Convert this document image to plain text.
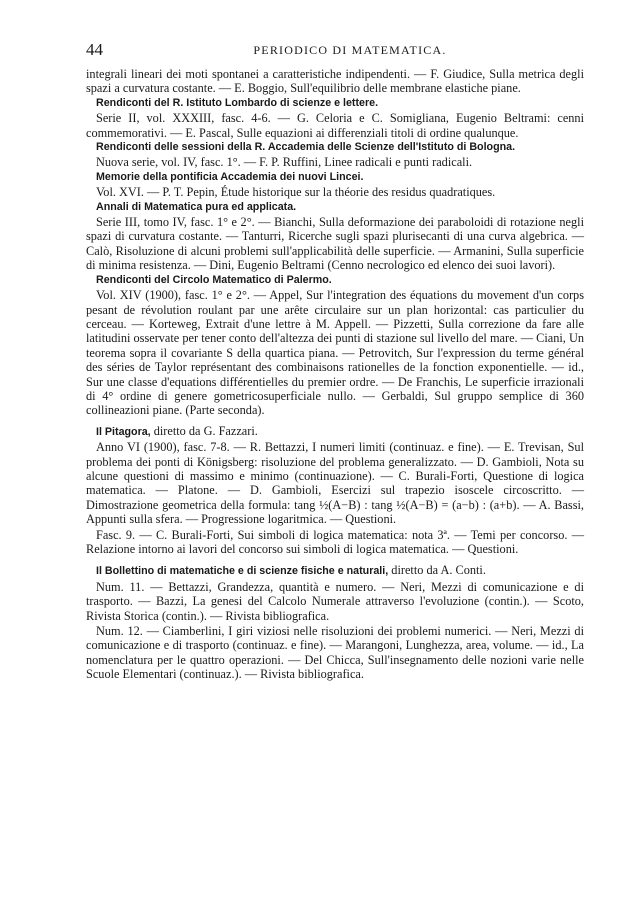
44	PERIODICO DI MATEMATICA.

integrali lineari dei moti spontanei a caratteristiche indipendenti. — F. Giudice, Sulla metrica degli spazi a curvatura costante. — E. Boggio, Sull'equilibrio delle membrane elastiche piane.

Rendiconti del R. Istituto Lombardo di scienze e lettere.

Serie II, vol. XXXIII, fasc. 4-6. — G. Celoria e C. Somigliana, Eugenio Beltrami: cenni commemorativi. — E. Pascal, Sulle equazioni ai differenziali titoli di ordine qualunque.

Rendiconti delle sessioni della R. Accademia delle Scienze dell'Istituto di Bologna.

Nuova serie, vol. IV, fasc. 1°. — F. P. Ruffini, Linee radicali e punti radicali.

Memorie della pontificia Accademia dei nuovi Lincei.

Vol. XVI. — P. T. Pepin, Étude historique sur la théorie des residus quadratiques.

Annali di Matematica pura ed applicata.

Serie III, tomo IV, fasc. 1° e 2°. — Bianchi, Sulla deformazione dei paraboloidi di rotazione negli spazi di curvatura costante. — Tanturri, Ricerche sugli spazi plurisecanti di una curva algebrica. — Calò, Risoluzione di alcuni problemi sull'applicabilità delle superficie. — Armanini, Sulla superficie di minima resistenza. — Dini, Eugenio Beltrami (Cenno necrologico ed elenco dei suoi lavori).

Rendiconti del Circolo Matematico di Palermo.

Vol. XIV (1900), fasc. 1° e 2°. — Appel, Sur l'integration des équations du movement d'un corps pesant de révolution roulant par une arête circulaire sur un plan horizontal: cas particulier du cerceau. — Korteweg, Extrait d'une lettre à M. Appell. — Pizzetti, Sulla correzione da fare alle latitudini osservate per tener conto dell'altezza dei punti di stazione sul livello del mare. — Ciani, Un teorema sopra il covariante S della quartica piana. — Petrovitch, Sur l'expression du terme général des séries de Taylor représentant des combinaisons rationelles de la fonction exponentielle. — id., Sur une classe d'equations différentielles du premier ordre. — De Franchis, Le superficie irrazionali di 4° ordine di genere gometricosuperficiale nullo. — Gerbaldi, Sul gruppo semplice di 360 collineazioni piane. (Parte seconda).

Il Pitagora, diretto da G. Fazzari.

Anno VI (1900), fasc. 7-8. — R. Bettazzi, I numeri limiti (continuaz. e fine). — E. Trevisan, Sul problema dei ponti di Königsberg: risoluzione del problema generalizzato. — D. Gambioli, Nota su alcune questioni di massimo e minimo (continuazione). — C. Burali-Forti, Questione di logica matematica. — Platone. — D. Gambioli, Esercizi sul trapezio isoscele circoscritto. — Dimostrazione geometrica della formula: tang ½(A−B) : tang ½(A−B) = (a−b) : (a+b). — A. Bassi, Appunti sulla sfera. — Progressione logaritmica. — Questioni.

Fasc. 9. — C. Burali-Forti, Sui simboli di logica matematica: nota 3ª. — Temi per concorso. — Relazione intorno ai lavori del concorso sui simboli di logica matematica. — Questioni.

Il Bollettino di matematiche e di scienze fisiche e naturali, diretto da A. Conti.

Num. 11. — Bettazzi, Grandezza, quantità e numero. — Neri, Mezzi di comunicazione e di trasporto. — Bazzi, La genesi del Calcolo Numerale attraverso l'evoluzione (contin.). — Scoto, Rivista Storica (contin.). — Rivista bibliografica.

Num. 12. — Ciamberlini, I giri viziosi nelle risoluzioni dei problemi numerici. — Neri, Mezzi di comunicazione e di trasporto (continuaz. e fine). — Marangoni, Lunghezza, area, volume. — id., La nomenclatura per le quattro operazioni. — Del Chicca, Sull'insegnamento delle nozioni varie nelle Scuole Elementari (continuaz.). — Rivista bibliografica.
